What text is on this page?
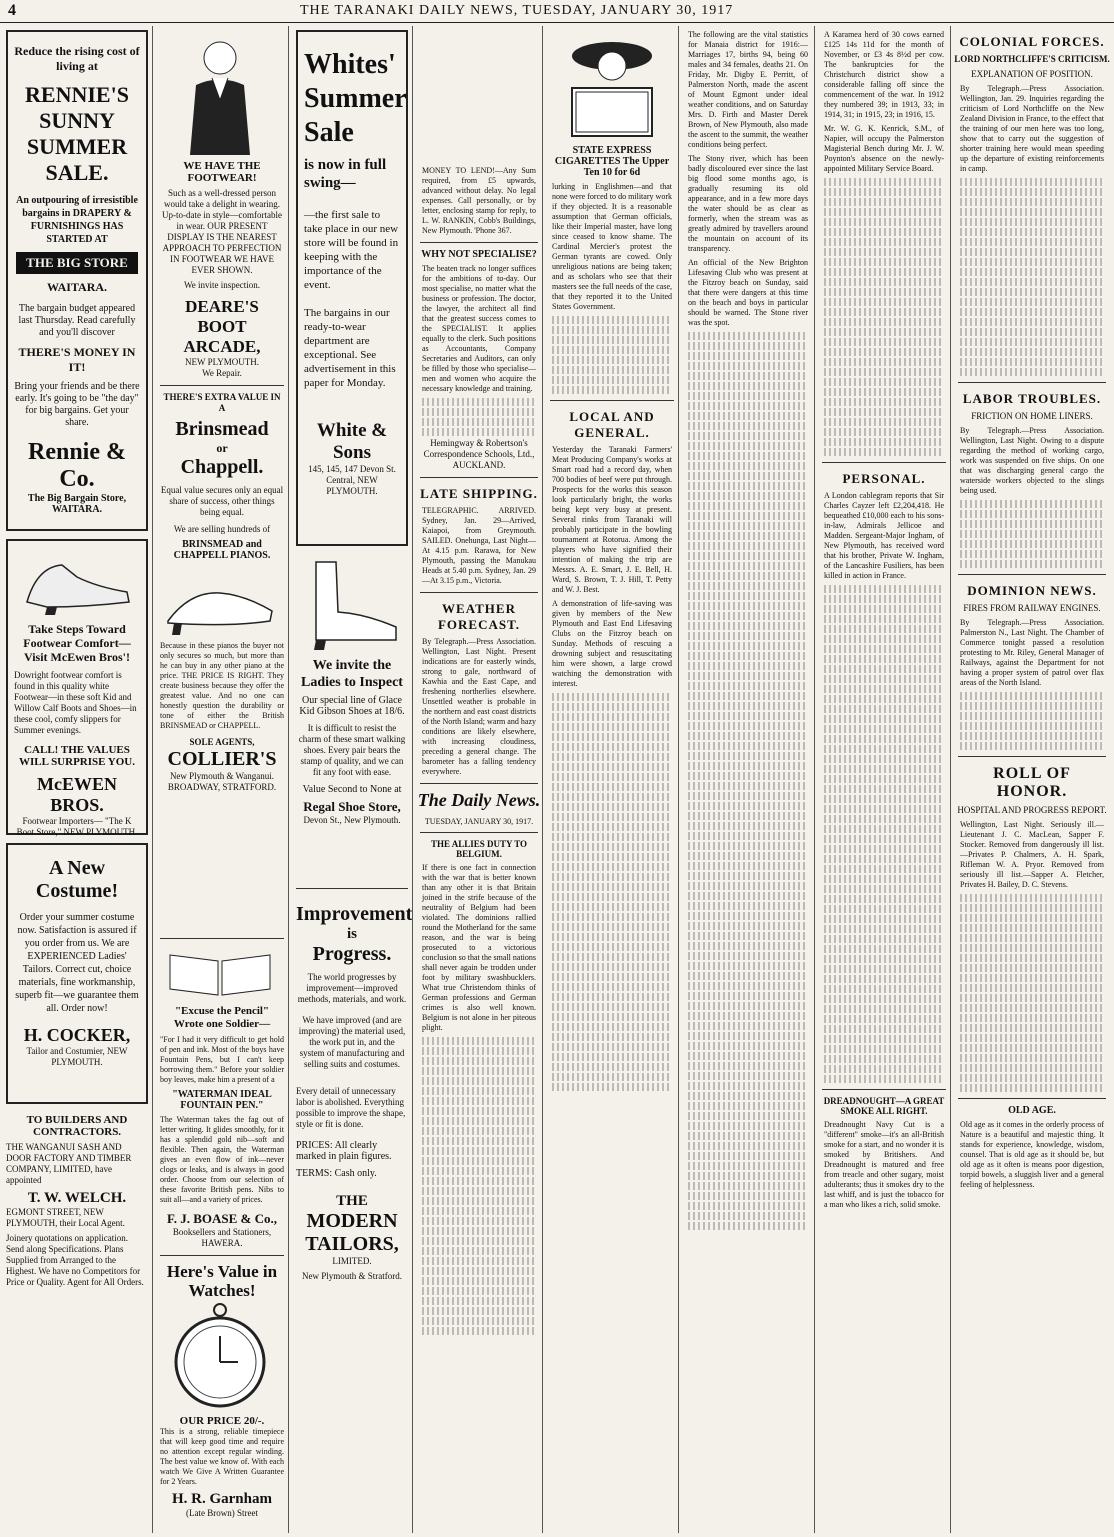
4	THE TARANAKI DAILY NEWS, TUESDAY, JANUARY 30, 1917
Reduce the rising cost of living at
RENNIE'S
SUNNY
SUMMER
SALE.
An outpouring of irresistible bargains in DRAPERY & FURNISHINGS HAS STARTED AT
THE BIG STORE
WAITARA.
The bargain budget appeared last Thursday. Read carefully and you'll discover
THERE'S MONEY IN IT!
Bring your friends and be there early. It's going to be "the day" for big bargains. Get your share.
Rennie & Co.
The Big Bargain Store, WAITARA.
Take Steps Toward Footwear Comfort—Visit McEwen Bros'!
Dowright footwear comfort is found in this quality white Footwear—in these soft Kid and Willow Calf Boots and Shoes—in these cool, comfy slippers for Summer evenings.
CALL! THE VALUES WILL SURPRISE YOU.
McEWEN BROS.
Footwear Importers— "The K Boot Store," NEW PLYMOUTH.
A New
Costume!
Order your summer costume now. Satisfaction is assured if you order from us. We are EXPERIENCED Ladies' Tailors. Correct cut, choice materials, fine workmanship, superb fit—we guarantee them all. Order now!
H. COCKER,
Tailor and Costumier, NEW PLYMOUTH.
TO BUILDERS AND CONTRACTORS.
THE WANGANUI SASH AND DOOR FACTORY AND TIMBER COMPANY, LIMITED, have appointed
T. W. WELCH.
EGMONT STREET, NEW PLYMOUTH, their Local Agent.
Joinery quotations on application. Send along Specifications. Plans Supplied from Arranged to the Highest. We have no Competitors for Price or Quality. Agent for All Orders.
WE HAVE THE FOOTWEAR!
Such as a well-dressed person would take a delight in wearing. Up-to-date in style—comfortable in wear. OUR PRESENT DISPLAY IS THE NEAREST APPROACH TO PERFECTION IN FOOTWEAR WE HAVE EVER SHOWN.
We invite inspection.
DEARE'S
BOOT
ARCADE,
NEW PLYMOUTH.
We Repair.
THERE'S EXTRA VALUE IN A
Brinsmead
or
Chappell.
Equal value secures only an equal share of success, other things being equal.
We are selling hundreds of
BRINSMEAD and CHAPPELL PIANOS.
Because in these pianos the buyer not only secures so much, but more than he can buy in any other piano at the price. THE PRICE IS RIGHT. They create business because they offer the greatest value. And no one can honestly question the durability or tone of either the British BRINSMEAD or CHAPPELL.
SOLE AGENTS,
COLLIER'S
New Plymouth & Wanganui. BROADWAY, STRATFORD.
"Excuse the Pencil" Wrote one Soldier—
"For I had it very difficult to get hold of pen and ink. Most of the boys have Fountain Pens, but I can't keep borrowing them." Before your soldier boy leaves, make him a present of a
"WATERMAN IDEAL FOUNTAIN PEN."
The Waterman takes the fag out of letter writing. It glides smoothly, for it has a splendid gold nib—soft and flexible. Then again, the Waterman gives an even flow of ink—never clogs or leaks, and is always in good order. Choose from our selection of these favorite British pens. Nibs to suit all—and a variety of prices.
F. J. BOASE & Co.,
Booksellers and Stationers, HAWERA.
Here's Value in Watches!
OUR PRICE 20/-.
This is a strong, reliable timepiece that will keep good time and require no attention except regular winding. The best value we know of. With each watch We Give A Written Guarantee for 2 Years.
H. R. Garnham
(Late Brown) Street
Whites'
Summer
Sale
is now in full swing—
—the first sale to take place in our new store will be found in keeping with the importance of the event.
The bargains in our ready-to-wear department are exceptional. See advertisement in this paper for Monday.
White & Sons
145, 145, 147 Devon St. Central, NEW PLYMOUTH.
We invite the Ladies to Inspect
Our special line of Glace Kid Gibson Shoes at 18/6.
It is difficult to resist the charm of these smart walking shoes. Every pair bears the stamp of quality, and we can fit any foot with ease.
Value Second to None at
Regal Shoe Store,
Devon St., New Plymouth.
Improvement
is
Progress.
The world progresses by improvement—improved methods, materials, and work.
We have improved (and are improving) the material used, the work put in, and the system of manufacturing and selling suits and costumes.
Every detail of unnecessary labor is abolished. Everything possible to improve the shape, style or fit is done.
PRICES: All clearly marked in plain figures.
TERMS: Cash only.
THE
MODERN
TAILORS,
LIMITED.
New Plymouth & Stratford.
MONEY TO LEND!—Any Sum required, from £5 upwards, advanced without delay. No legal expenses. Call personally, or by letter, enclosing stamp for reply, to L. W. RANKIN, Cobb's Buildings, New Plymouth. 'Phone 367.
WHY NOT SPECIALISE?
The beaten track no longer suffices for the ambitions of to-day. Our most specialise, no matter what the business or profession. The doctor, the lawyer, the architect all find that the greatest success comes to the SPECIALIST. It applies equally to the clerk. Such positions as Accountants, Company Secretaries and Auditors, can only be filled by those who specialise—men and women who acquire the necessary knowledge and training.
Hemingway & Robertson's Correspondence Schools, Ltd., AUCKLAND.
LATE SHIPPING.
TELEGRAPHIC. ARRIVED. Sydney, Jan. 29—Arrived, Kaiapoi, from Greymouth. SAILED. Onehunga, Last Night—At 4.15 p.m. Rarawa, for New Plymouth, passing the Manukau Heads at 5.40 p.m. Sydney, Jan. 29—At 3.15 p.m., Victoria.
WEATHER FORECAST.
By Telegraph.—Press Association. Wellington, Last Night. Present indications are for easterly winds, strong to gale, northward of Kawhia and the East Cape, and freshening northerlies elsewhere. Unsettled weather is probable in the northern and east coast districts of the North Island; warm and hazy conditions are likely elsewhere, with increasing cloudiness, preceding a general change. The barometer has a falling tendency everywhere.
The Daily News.
TUESDAY, JANUARY 30, 1917.
THE ALLIES DUTY TO BELGIUM.
If there is one fact in connection with the war that is better known than any other it is that Britain joined in the strife because of the neutrality of Belgium had been violated. The dominions rallied round the Motherland for the same reason, and the war is being prosecuted to a victorious conclusion so that the small nations shall never again be trodden under foot by military swashbucklers. What true Christendom thinks of German professions and German crimes is also well known. Belgium is not alone in her piteous plight.
STATE EXPRESS CIGARETTES The Upper Ten 10 for 6d
lurking in Englishmen—and that none were forced to do military work if they objected. It is a reasonable assumption that German officials, like their Imperial master, have long since ceased to know shame. The Cardinal Mercier's protest the German tyrants are cowed. Only unreligious nations are being taken; and as scholars who see that their masters see the full needs of the case, that they reported it to the United States Government.
LOCAL AND GENERAL.
Yesterday the Taranaki Farmers' Meat Producing Company's works at Smart road had a record day, when 700 bodies of beef were put through. Prospects for the works this season look particularly bright, the works being kept very busy at present. Several rinks from Taranaki will probably participate in the bowling tournament at Rotorua. Among the players who have signified their intention of making the trip are Messrs. A. E. Smart, J. E. Bell, H. Ward, S. Brown, T. J. Hill, T. Petty and W. J. Best.
A demonstration of life-saving was given by members of the New Plymouth and East End Lifesaving Clubs on the Fitzroy beach on Sunday. Methods of rescuing a drowning subject and resuscitating him were shown, a large crowd watching the demonstration with interest.
The following are the vital statistics for Manaia district for 1916:—Marriages 17, births 94, being 60 males and 34 females, deaths 21. On Friday, Mr. Digby E. Perritt, of Palmerston North, made the ascent of Mount Egmont under ideal weather conditions, and on Saturday Mrs. D. Firth and Master Derek Brown, of New Plymouth, also made the ascent to the summit, the weather conditions being perfect.
The Stony river, which has been badly discoloured ever since the last big flood some months ago, is gradually resuming its old appearance, and in a few more days the water should be as clear as formerly, when the stream was as greatly admired by travellers around the mountain on account of its transparency.
An official of the New Brighton Lifesaving Club who was present at the Fitzroy beach on Sunday, said that there were dangers at this time on the beach and boys in particular should be warned. The Stone river was the spot.
A Karamea herd of 30 cows earned £125 14s 11d for the month of November, or £3 4s 8½d per cow. The bankruptcies for the Christchurch district show a considerable falling off since the commencement of the war. In 1912 they numbered 39; in 1913, 33; in 1914, 31; in 1915, 23; in 1916, 15.
Mr. W. G. K. Kenrick, S.M., of Napier, will occupy the Palmerston Magisterial Bench during Mr. J. W. Poynton's absence on the newly-appointed Military Service Board.
PERSONAL.
A London cablegram reports that Sir Charles Cayzer left £2,204,418. He bequeathed £10,000 each to his sons-in-law, Admirals Jellicoe and Madden. Sergeant-Major Ingham, of New Plymouth, has received word that his brother, Private W. Ingham, of the Lancashire Fusiliers, has been killed in action in France.
DREADNOUGHT—A GREAT SMOKE ALL RIGHT.
Dreadnought Navy Cut is a "different" smoke—it's an all-British smoke for a start, and no wonder it is smoked by Britishers. And Dreadnought is matured and free from treacle and other sugary, moist adulterants; thus it smokes dry to the last whiff, and is just the tobacco for a man who likes a rich, solid smoke.
COLONIAL FORCES.
LORD NORTHCLIFFE'S CRITICISM.
EXPLANATION OF POSITION.
By Telegraph.—Press Association. Wellington, Jan. 29. Inquiries regarding the criticism of Lord Northcliffe on the New Zealand Division in France, to the effect that the training of our men here was too long, show that to carry out the suggestion of shorter training here would mean speeding up the departure of existing reinforcements in camp.
LABOR TROUBLES.
FRICTION ON HOME LINERS.
By Telegraph.—Press Association. Wellington, Last Night. Owing to a dispute regarding the method of working cargo, work was suspended on five ships. On one that was discharging general cargo the waterside workers objected to the slings being used.
DOMINION NEWS.
FIRES FROM RAILWAY ENGINES.
By Telegraph.—Press Association. Palmerston N., Last Night. The Chamber of Commerce tonight passed a resolution protesting to Mr. Riley, General Manager of Railways, against the Department for not having a proper system of patrol over flax areas of the North Island.
ROLL OF HONOR.
HOSPITAL AND PROGRESS REPORT.
Wellington, Last Night. Seriously ill.—Lieutenant J. C. MacLean, Sapper F. Stocker. Removed from dangerously ill list.—Privates P. Chalmers, A. H. Spark, Rifleman W. A. Pryor. Removed from seriously ill list.—Sapper A. Fletcher, Privates H. Bailey, D. C. Stevens.
OLD AGE.
Old age as it comes in the orderly process of Nature is a beautiful and majestic thing. It stands for experience, knowledge, wisdom, counsel. That is old age as it should be, but old age as it often is means poor digestion, torpid bowels, a sluggish liver and a general feeling of helplessness.
